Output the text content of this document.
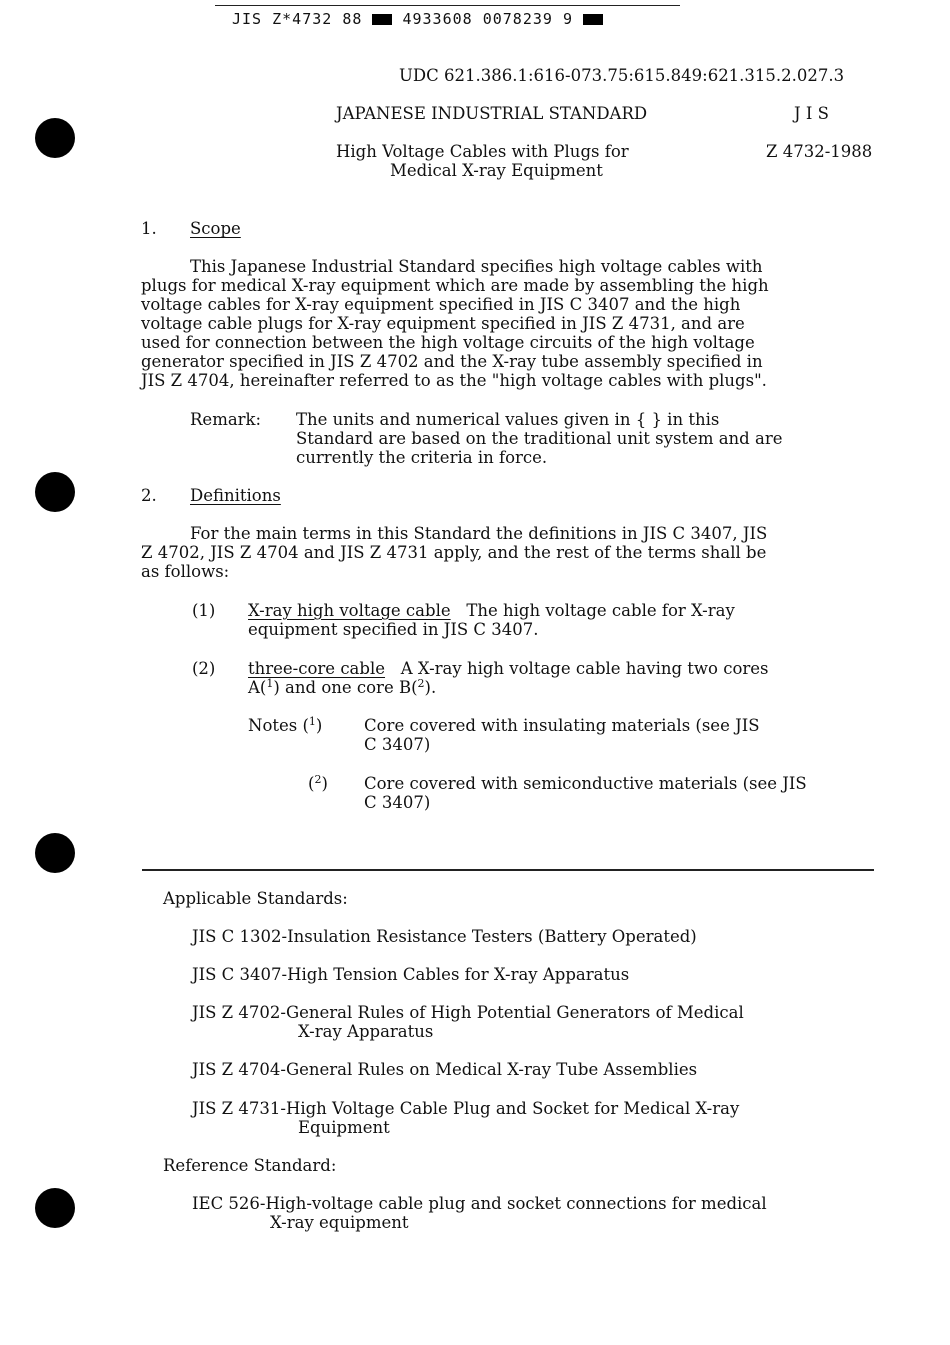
JIS Z*4732 88	4933608 0078239 9
UDC 621.386.1:616-073.75:615.849:621.315.2.027.3
JAPANESE INDUSTRIAL STANDARD	J I S
High Voltage Cables with Plugs for
Medical X-ray Equipment
Z 4732-1988
1. Scope
This Japanese Industrial Standard specifies high voltage cables with
plugs for medical X-ray equipment which are made by assembling the high
voltage cables for X-ray equipment specified in JIS C 3407 and the high
voltage cable plugs for X-ray equipment specified in JIS Z 4731, and are
used for connection between the high voltage circuits of the high voltage
generator specified in JIS Z 4702 and the X-ray tube assembly specified in
JIS Z 4704, hereinafter referred to as the "high voltage cables with plugs".
Remark: The units and numerical values given in { } in this
Standard are based on the traditional unit system and are
currently the criteria in force.
2. Definitions
For the main terms in this Standard the definitions in JIS C 3407, JIS
Z 4702, JIS Z 4704 and JIS Z 4731 apply, and the rest of the terms shall be
as follows:
(1) X-ray high voltage cable The high voltage cable for X-ray
equipment specified in JIS C 3407.
(2) three-core cable A X-ray high voltage cable having two cores
A($^1$) and one core B($^2$).
Notes ($^1$)	Core covered with insulating materials (see JIS
C 3407)
($^2$) Core covered with semiconductive materials (see JIS
C 3407)
Applicable Standards:
JIS C 1302-Insulation Resistance Testers (Battery Operated)
JIS C 3407-High Tension Cables for X-ray Apparatus
JIS Z 4702-General Rules of High Potential Generators of Medical
X-ray Apparatus
JIS Z 4704-General Rules on Medical X-ray Tube Assemblies
JIS Z 4731-High Voltage Cable Plug and Socket for Medical X-ray
Equipment
Reference Standard:
IEC 526-High-voltage cable plug and socket connections for medical
X-ray equipment
